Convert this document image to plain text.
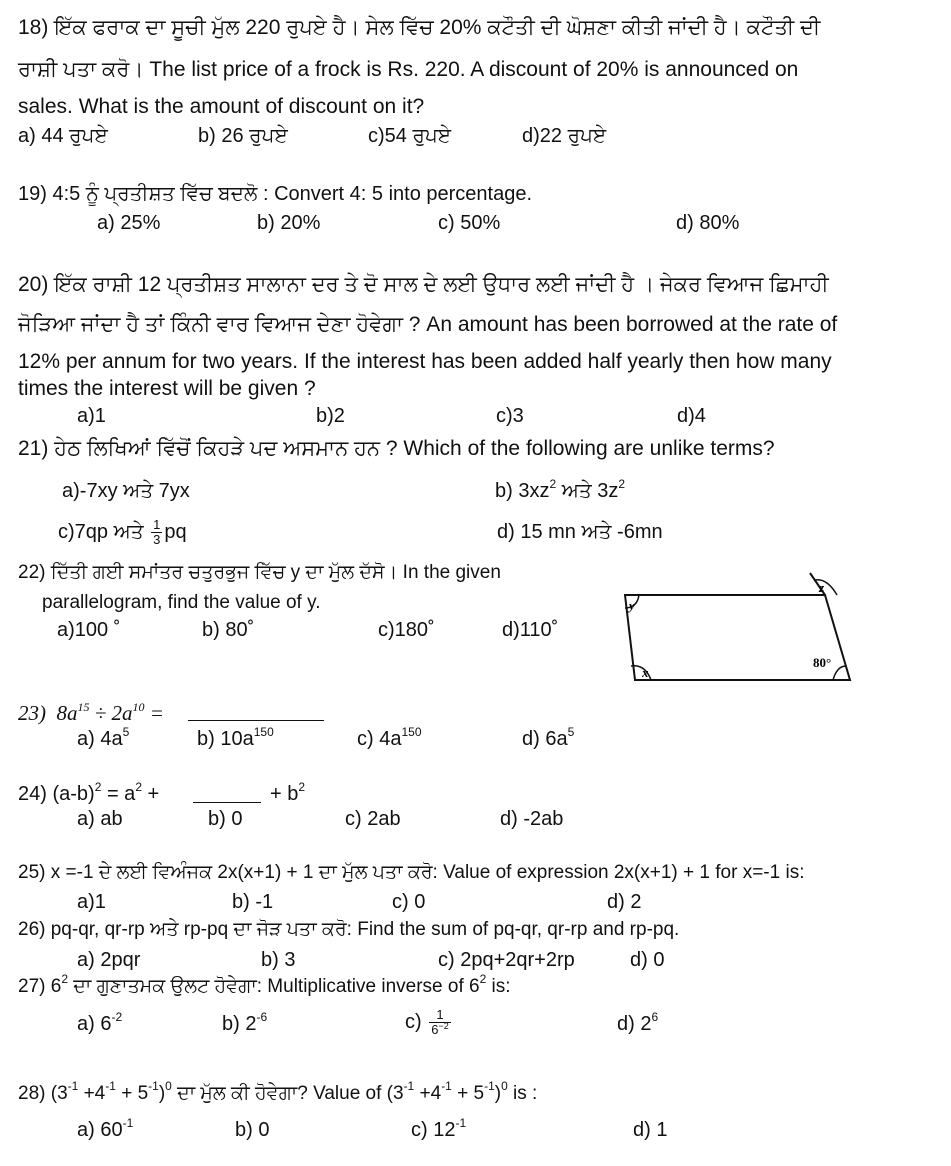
18) ਇੱਕ ਫਰਾਕ ਦਾ ਸੂਚੀ ਮੁੱਲ 220 ਰੁਪਏ ਹੈ। ਸੇਲ ਵਿੱਚ 20% ਕਟੌਤੀ ਦੀ ਘੋਸ਼ਣਾ ਕੀਤੀ ਜਾਂਦੀ ਹੈ। ਕਟੌਤੀ ਦੀ
ਰਾਸ਼ੀ ਪਤਾ ਕਰੋ। The list price of a frock is Rs. 220. A discount of 20% is announced on
sales. What is the amount of discount on it?
a) 44 ਰੁਪਏ	b) 26 ਰੁਪਏ	c)54 ਰੁਪਏ	d)22 ਰੁਪਏ
19) 4:5 ਨੂੰ ਪ੍ਰਤੀਸ਼ਤ ਵਿੱਚ ਬਦਲੋ : Convert 4: 5 into percentage.
a) 25%	b) 20%	c) 50%	d) 80%
20) ਇੱਕ ਰਾਸ਼ੀ 12 ਪ੍ਰਤੀਸ਼ਤ ਸਾਲਾਨਾ ਦਰ ਤੇ ਦੋ ਸਾਲ ਦੇ ਲਈ ਉਧਾਰ ਲਈ ਜਾਂਦੀ ਹੈ । ਜੇਕਰ ਵਿਆਜ ਛਿਮਾਹੀ
ਜੋੜਿਆ ਜਾਂਦਾ ਹੈ ਤਾਂ ਕਿੰਨੀ ਵਾਰ ਵਿਆਜ ਦੇਣਾ ਹੋਵੇਗਾ ? An amount has been borrowed at the rate of
12% per annum for two years. If the interest has been added half yearly then how many
times the interest will be given ?
a)1	b)2	c)3	d)4
21) ਹੇਠ ਲਿਖਿਆਂ ਵਿੱਚੋਂ ਕਿਹੜੇ ਪਦ ਅਸਮਾਨ ਹਨ ? Which of the following are unlike terms?
a)-7xy ਅਤੇ 7yx	b) $3xz^2$ ਅਤੇ $3z^2$
c)7qp ਅਤੇ $\frac{1}{3}$ pq	d) 15 mn ਅਤੇ -6mn
22) ਦਿੱਤੀ ਗਈ ਸਮਾਂਤਰ ਚਤੁਰਭੁਜ ਵਿੱਚ y ਦਾ ਮੁੱਲ ਦੱਸੋ। In the given
parallelogram, find the value of y.
a)100 ˚	b) 80˚	c)180˚	d)110˚
y
z
x
80°
23) $8a^{15} \div 2a^{10}$ =
a) $4a^5$	b) $10a^{150}$	c) $4a^{150}$	d) $6a^5$
24) $(a-b)^2 = a^2$ +	+ $b^2$
a) ab	b) 0	c) 2ab	d) -2ab
25) x =-1 ਦੇ ਲਈ ਵਿਅੰਜਕ 2x(x+1) + 1 ਦਾ ਮੁੱਲ ਪਤਾ ਕਰੋ: Value of expression 2x(x+1) + 1 for x=-1 is:
a)1	b) -1	c) 0	d) 2
26) pq-qr, qr-rp ਅਤੇ rp-pq ਦਾ ਜੋੜ ਪਤਾ ਕਰੋ: Find the sum of pq-qr, qr-rp and rp-pq.
a) 2pqr	b) 3	c) 2pq+2qr+2rp	d) 0
27) $6^2$ ਦਾ ਗੁਣਾਤਮਕ ਉਲਟ ਹੋਵੇਗਾ: Multiplicative inverse of $6^2$ is:
a) $6^{-2}$	b) $2^{-6}$	$c) \frac{1}{6^{-2}}$	d) $2^6$
28) $(3^{-1} +4^{-1} + 5^{-1})^0$ ਦਾ ਮੁੱਲ ਕੀ ਹੋਵੇਗਾ? Value of $(3^{-1} +4^{-1} + 5^{-1})^0$ is :
a) $60^{-1}$	b) 0	c) $12^{-1}$	d) 1
